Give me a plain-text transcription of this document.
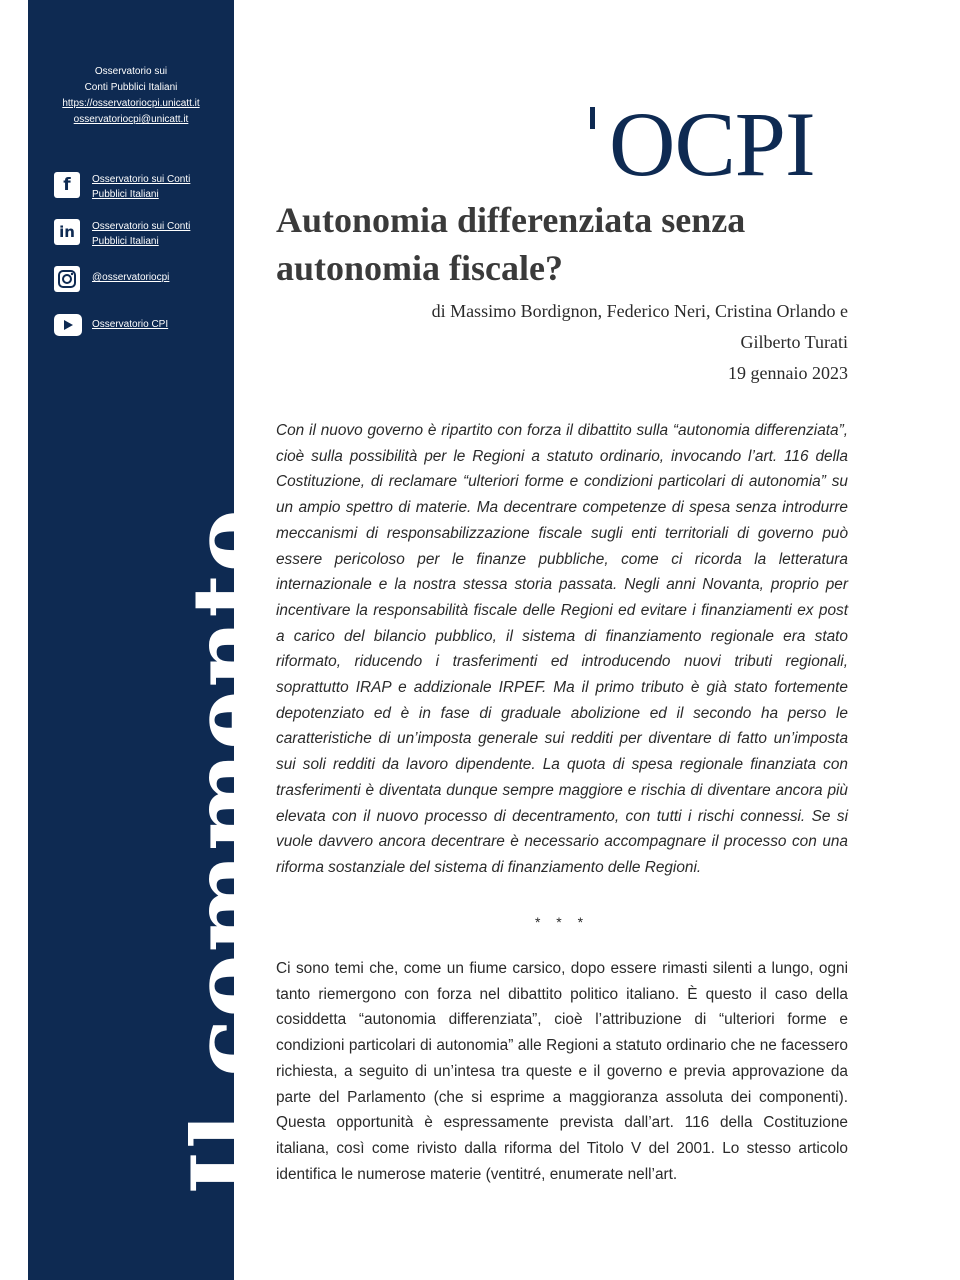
Osservatorio sui
Conti Pubblici Italiani
https://osservatoriocpi.unicatt.it
osservatoriocpi@unicatt.it
f	Osservatorio sui Conti
Pubblici Italiani
in	Osservatorio sui Conti
Pubblici Italiani
@osservatoriocpi
Osservatorio CPI
Il commento
OCPI
Autonomia differenziata senza autonomia fiscale?
di Massimo Bordignon, Federico Neri, Cristina Orlando e
Gilberto Turati
19 gennaio 2023

Con il nuovo governo è ripartito con forza il dibattito sulla “autonomia differenziata”, cioè sulla possibilità per le Regioni a statuto ordinario, invocando l’art. 116 della Costituzione, di reclamare “ulteriori forme e condizioni particolari di autonomia” su un ampio spettro di materie. Ma decentrare competenze di spesa senza introdurre meccanismi di responsabilizzazione fiscale sugli enti territoriali di governo può essere pericoloso per le finanze pubbliche, come ci ricorda la letteratura internazionale e la nostra stessa storia passata. Negli anni Novanta, proprio per incentivare la responsabilità fiscale delle Regioni ed evitare i finanziamenti ex post a carico del bilancio pubblico, il sistema di finanziamento regionale era stato riformato, riducendo i trasferimenti ed introducendo nuovi tributi regionali, soprattutto IRAP e addizionale IRPEF. Ma il primo tributo è già stato fortemente depotenziato ed è in fase di graduale abolizione ed il secondo ha perso le caratteristiche di un’imposta generale sui redditi per diventare di fatto un’imposta sui soli redditi da lavoro dipendente. La quota di spesa regionale finanziata con trasferimenti è diventata dunque sempre maggiore e rischia di diventare ancora più elevata con il nuovo processo di decentramento, con tutti i rischi connessi. Se si vuole davvero ancora decentrare è necessario accompagnare il processo con una riforma sostanziale del sistema di finanziamento delle Regioni.

* * *

Ci sono temi che, come un fiume carsico, dopo essere rimasti silenti a lungo, ogni tanto riemergono con forza nel dibattito politico italiano. È questo il caso della cosiddetta “autonomia differenziata”, cioè l’attribuzione di “ulteriori forme e condizioni particolari di autonomia” alle Regioni a statuto ordinario che ne facessero richiesta, a seguito di un’intesa tra queste e il governo e previa approvazione da parte del Parlamento (che si esprime a maggioranza assoluta dei componenti). Questa opportunità è espressamente prevista dall’art. 116 della Costituzione italiana, così come rivisto dalla riforma del Titolo V del 2001. Lo stesso articolo identifica le numerose materie (ventitré, enumerate nell’art.
